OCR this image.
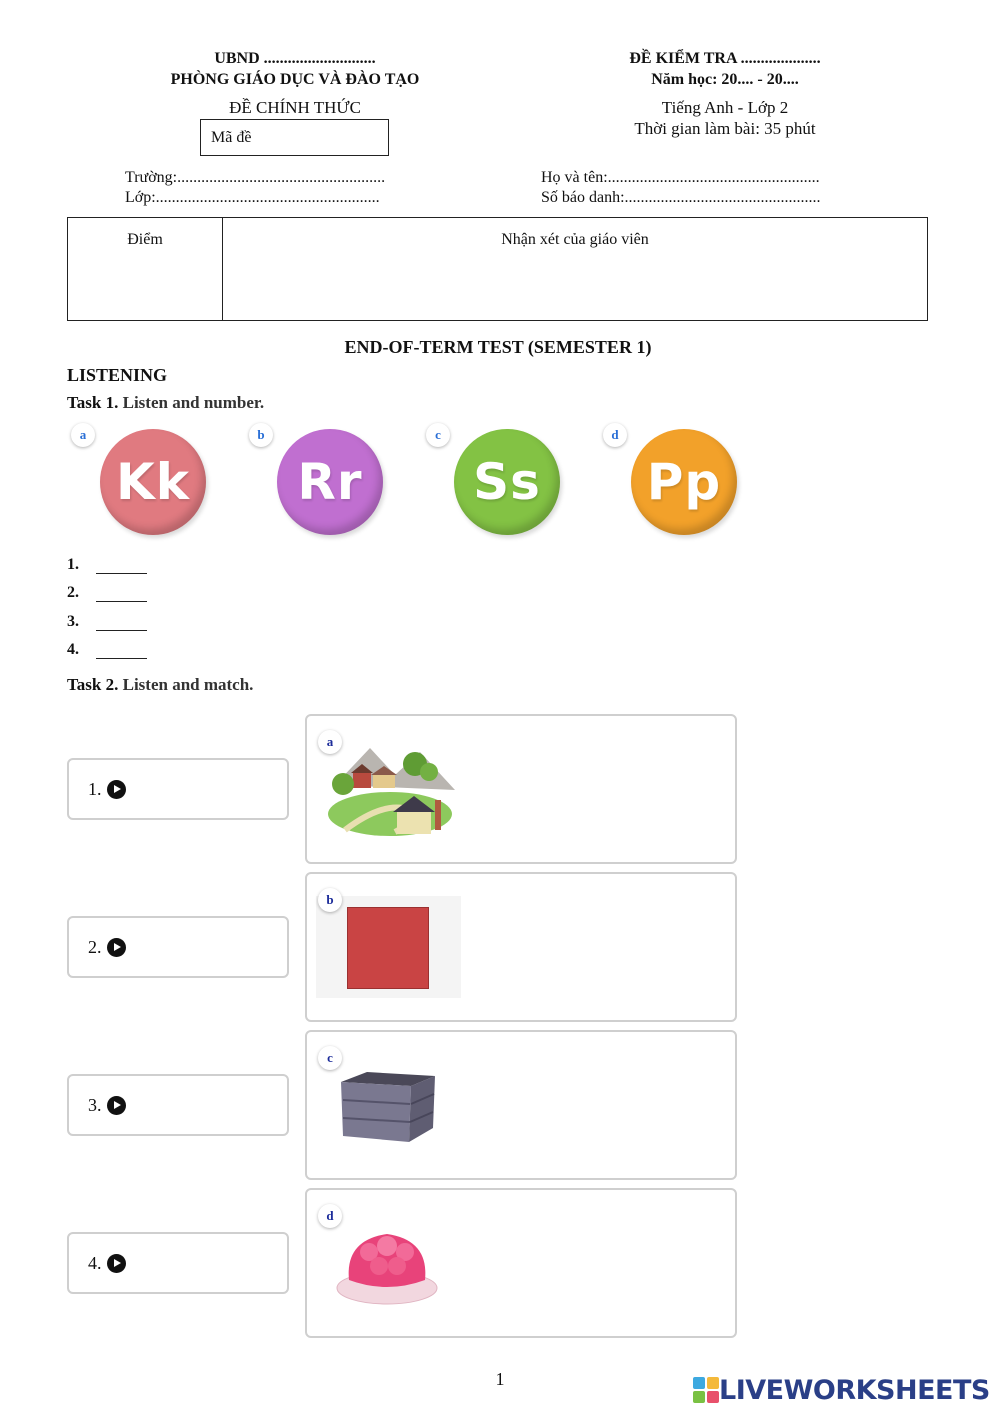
UBND ............................
PHÒNG GIÁO DỤC VÀ ĐÀO TẠO
ĐỀ CHÍNH THỨC
Mã đề
ĐỀ KIỂM TRA ....................
Năm học: 20.... - 20....
Tiếng Anh - Lớp 2
Thời gian làm bài: 35 phút
Trường:....................................................
Lớp:........................................................
Họ và tên:.....................................................
Số báo danh:.................................................
Điểm	Nhận xét của giáo viên
END-OF-TERM TEST (SEMESTER 1)
LISTENING
Task 1. Listen and number.
Kk
a
Rr
b
Ss
c
Pp
d
1.
2.
3.
4.
Task 2. Listen and match.
1.
2.
3.
4.
a
b
c
d
1	LIVEWORKSHEETS
